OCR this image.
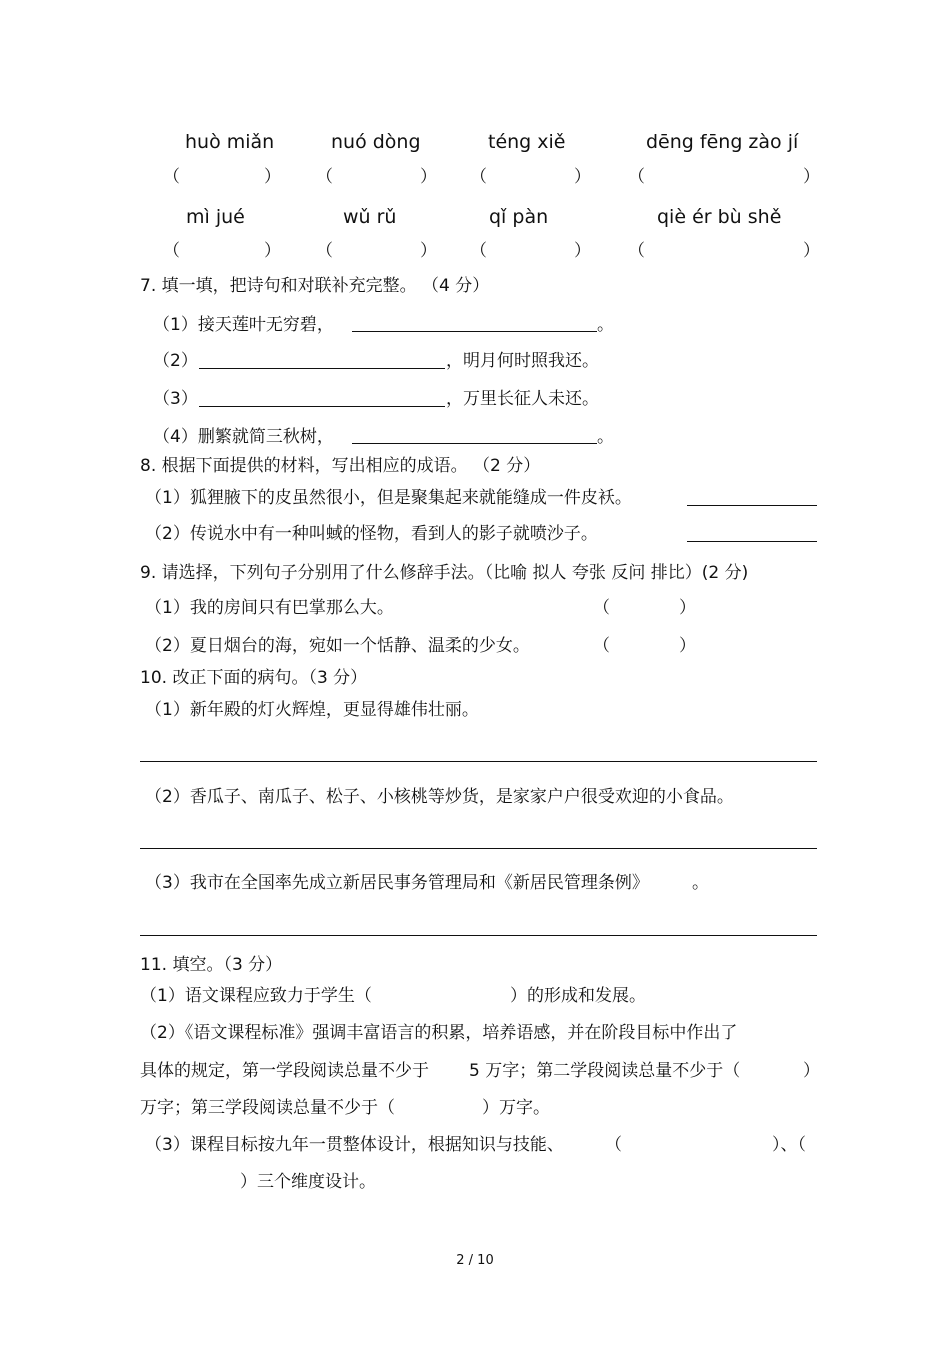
huò miǎn	nuó dòng	téng xiě	dēng fēng zào jí
（	） （	） （	） （	）
mì jué	wǔ rǔ	qǐ pàn	qiè ér bù shě
（	） （	） （	） （	）
7. 填一填，把诗句和对联补充完整。 （4 分）
（1）接天莲叶无穷碧，	。
（2）	，明月何时照我还。
（3）	，万里长征人未还。
（4）删繁就简三秋树，	。
8. 根据下面提供的材料，写出相应的成语。 （2 分）
（1）狐狸腋下的皮虽然很小，但是聚集起来就能缝成一件皮袄。
（2）传说水中有一种叫蜮的怪物，看到人的影子就喷沙子。
9. 请选择，下列句子分别用了什么修辞手法。（比喻 拟人 夸张 反问 排比）(2 分)
（1）我的房间只有巴掌那么大。	（	）
（2）夏日烟台的海，宛如一个恬静、温柔的少女。	（	）
10. 改正下面的病句。（3 分）
（1）新年殿的灯火辉煌，更显得雄伟壮丽。
（2）香瓜子、南瓜子、松子、小核桃等炒货，是家家户户很受欢迎的小食品。
（3）我市在全国率先成立新居民事务管理局和《新居民管理条例》	。
11. 填空。（3 分）
（1）语文课程应致力于学生（	）的形成和发展。
（2）《语文课程标准》强调丰富语言的积累，培养语感，并在阶段目标中作出了
具体的规定，第一学段阅读总量不少于 5 万字；第二学段阅读总量不少于（	）
万字；第三学段阅读总量不少于（	）万字。
（3）课程目标按九年一贯整体设计，根据知识与技能、 （	）、（
）三个维度设计。
2 / 10
